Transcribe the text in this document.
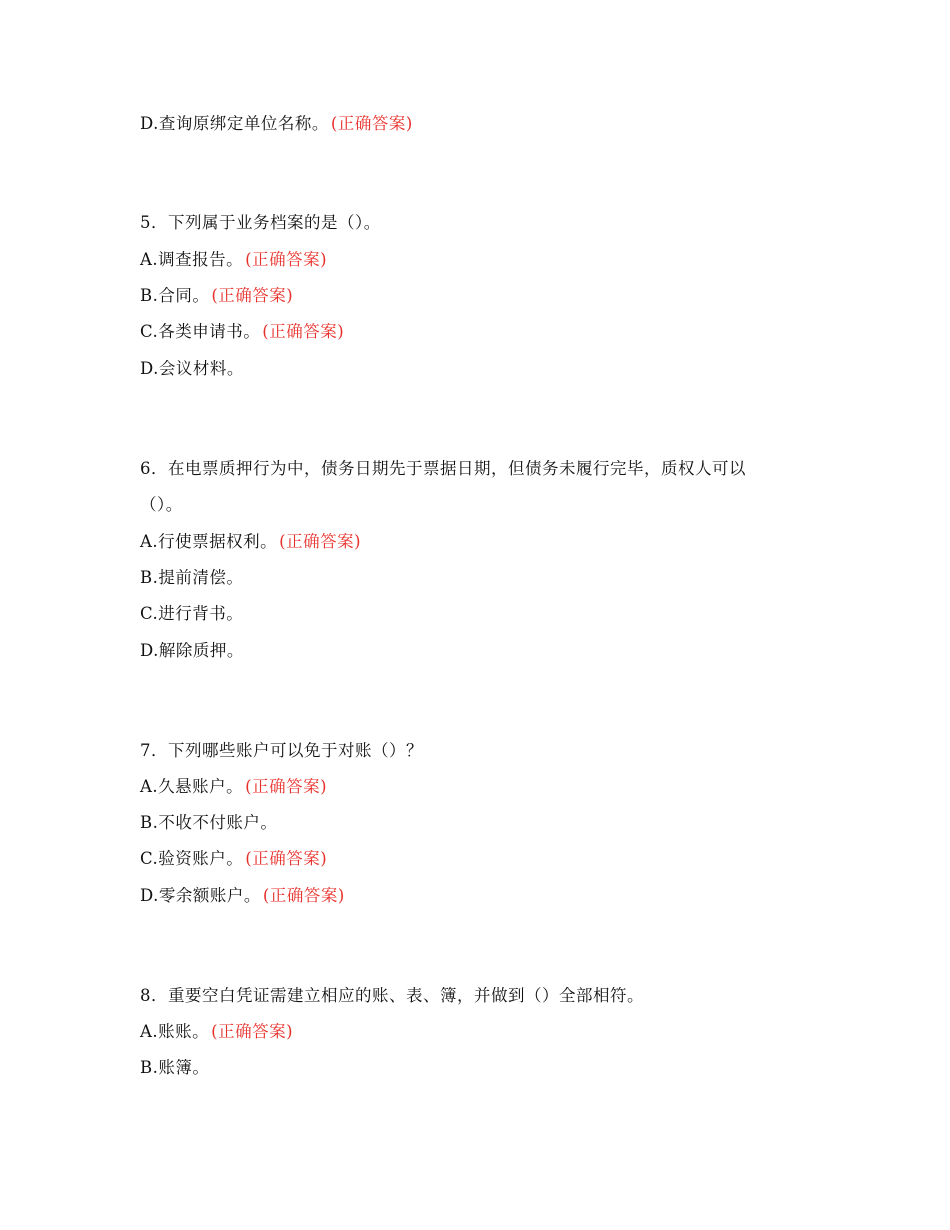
D.查询原绑定单位名称。 (正确答案)
5．下列属于业务档案的是（）。
A.调查报告。 (正确答案)
B.合同。 (正确答案)
C.各类申请书。 (正确答案)
D.会议材料。
6．在电票质押行为中，债务日期先于票据日期，但债务未履行完毕，质权人可以
（）。
A.行使票据权利。 (正确答案)
B.提前清偿。
C.进行背书。
D.解除质押。
7．下列哪些账户可以免于对账（）？
A.久悬账户。 (正确答案)
B.不收不付账户。
C.验资账户。 (正确答案)
D.零余额账户。 (正确答案)
8．重要空白凭证需建立相应的账、表、簿，并做到（）全部相符。
A.账账。 (正确答案)
B.账簿。
